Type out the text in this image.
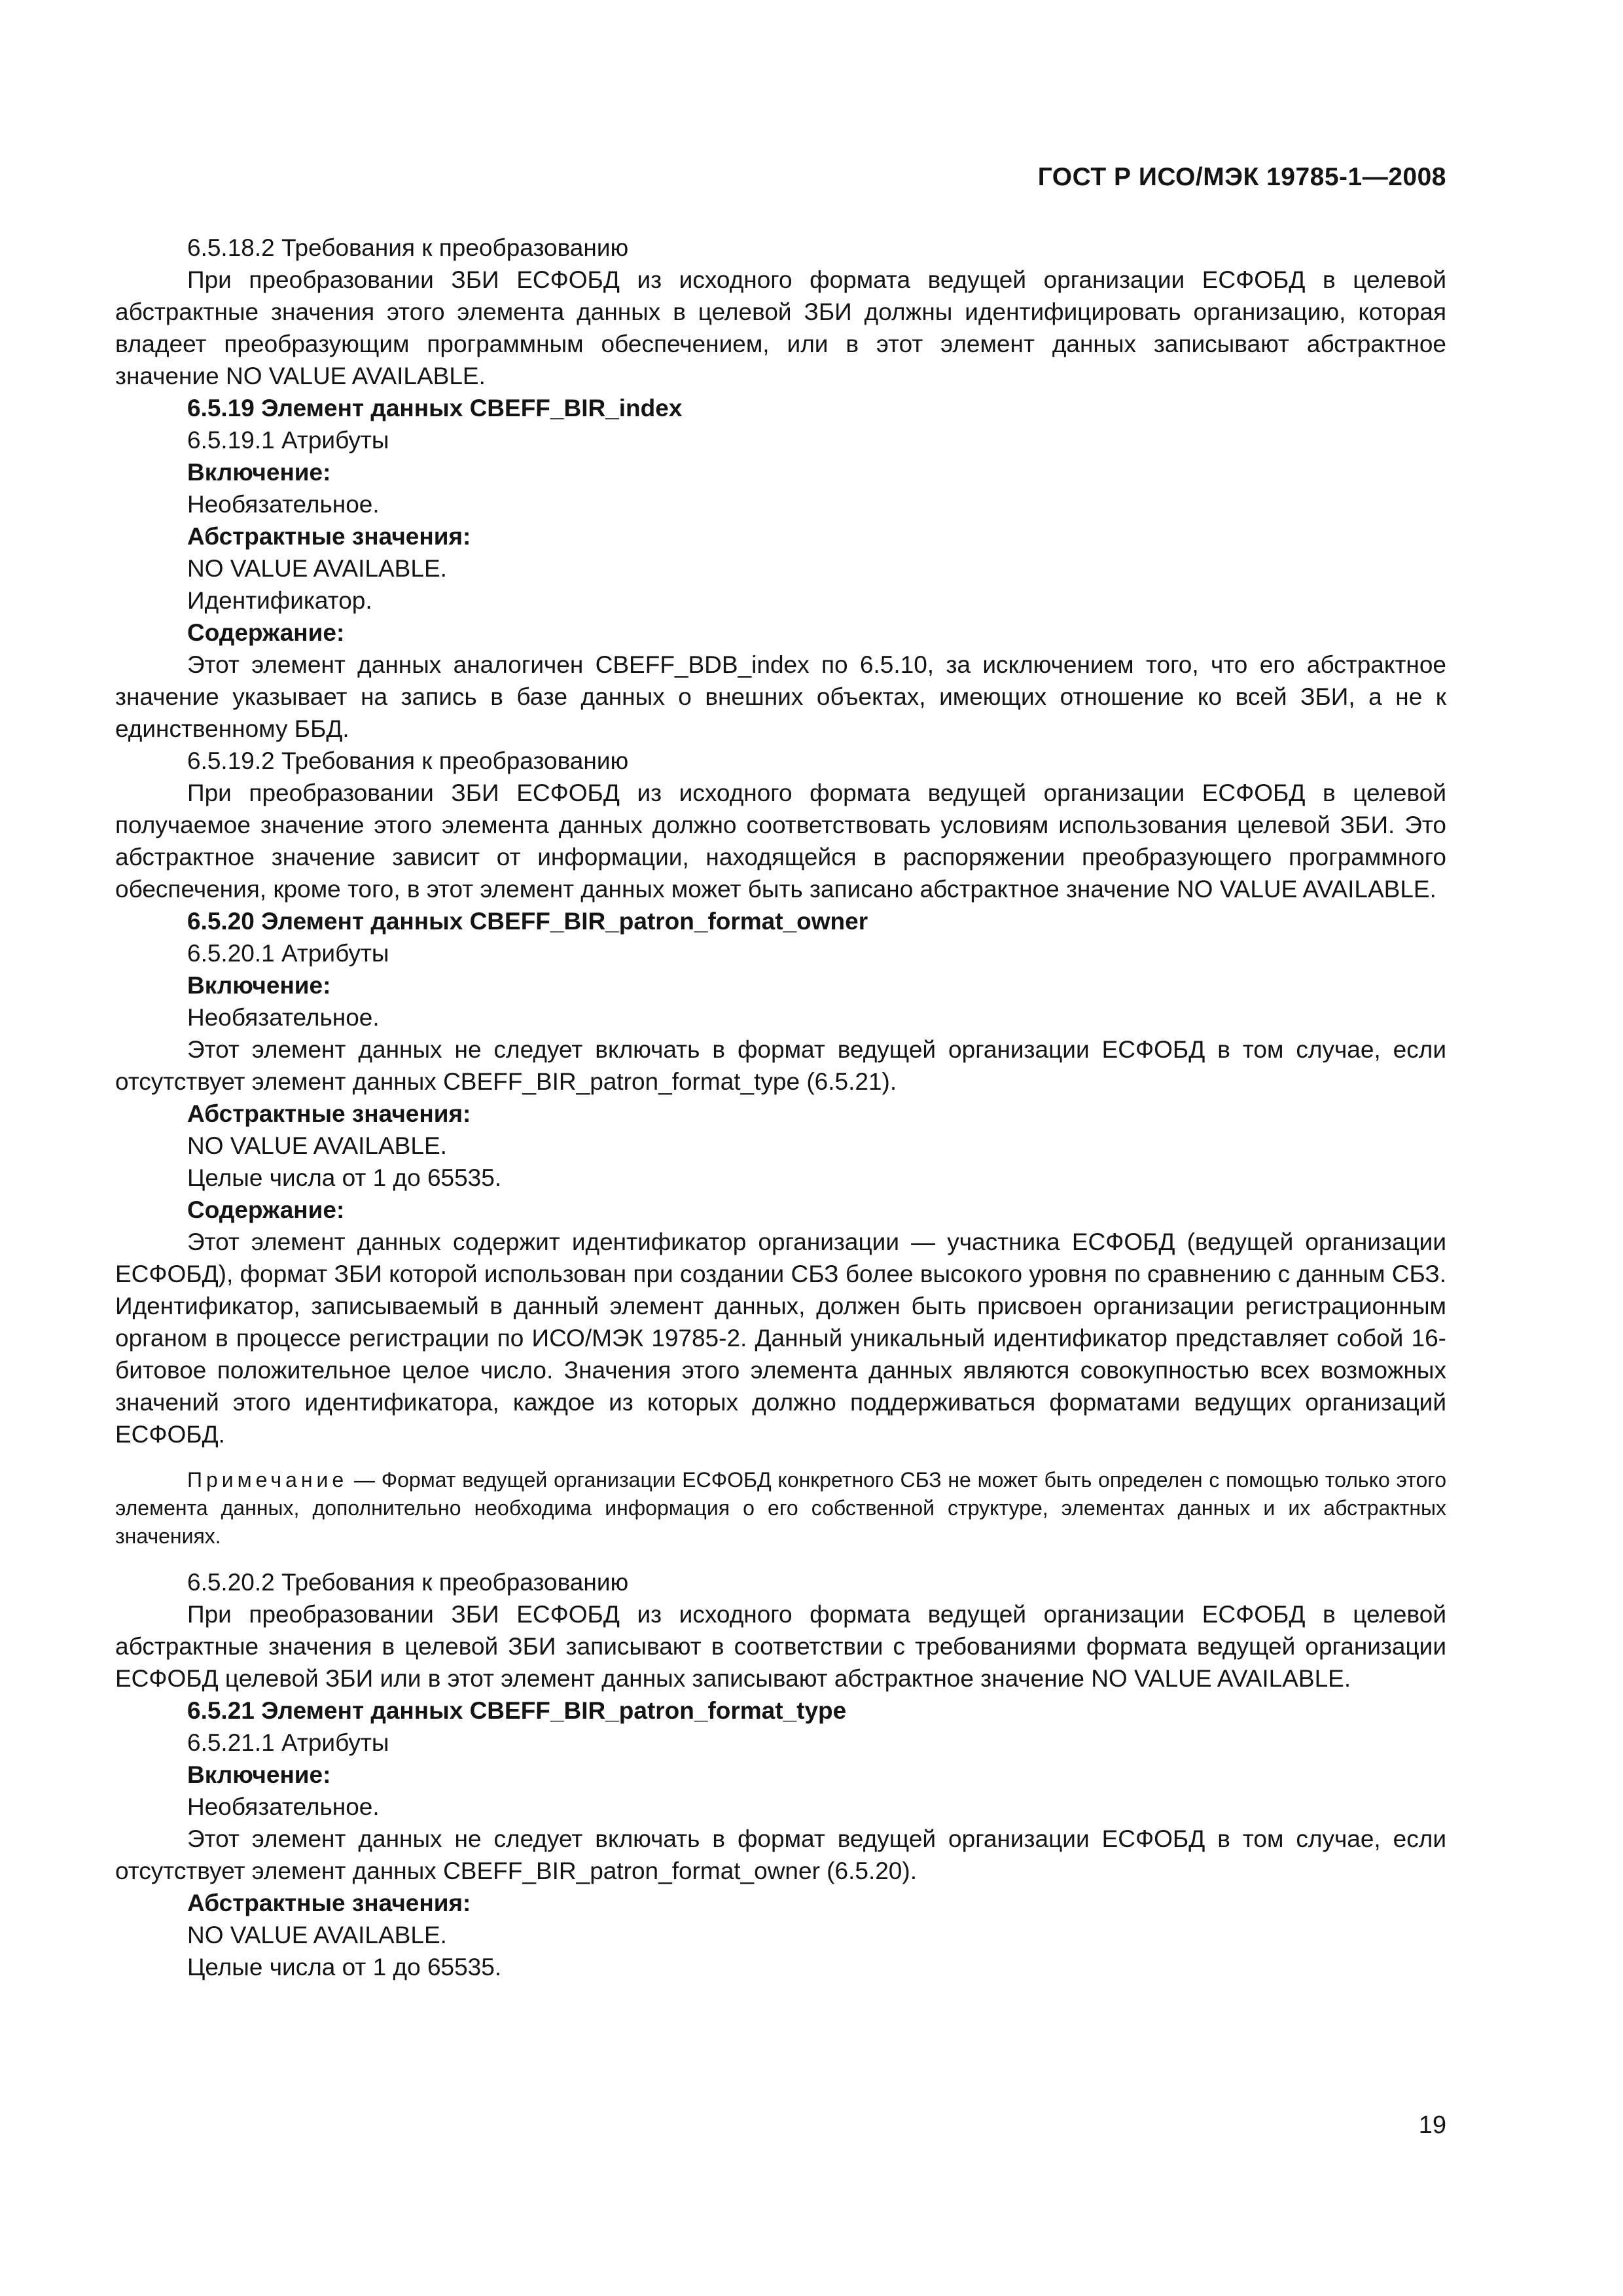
ГОСТ Р ИСО/МЭК 19785-1—2008

6.5.18.2 Требования к преобразованию

При преобразовании ЗБИ ЕСФОБД из исходного формата ведущей организации ЕСФОБД в целевой абстрактные значения этого элемента данных в целевой ЗБИ должны идентифицировать организацию, которая владеет преобразующим программным обеспечением, или в этот элемент данных записывают абстрактное значение NO VALUE AVAILABLE.

6.5.19 Элемент данных CBEFF_BIR_index

6.5.19.1 Атрибуты

Включение:

Необязательное.

Абстрактные значения:

NO VALUE AVAILABLE.

Идентификатор.

Содержание:

Этот элемент данных аналогичен CBEFF_BDB_index по 6.5.10, за исключением того, что его абстрактное значение указывает на запись в базе данных о внешних объектах, имеющих отношение ко всей ЗБИ, а не к единственному ББД.

6.5.19.2 Требования к преобразованию

При преобразовании ЗБИ ЕСФОБД из исходного формата ведущей организации ЕСФОБД в целевой получаемое значение этого элемента данных должно соответствовать условиям использования целевой ЗБИ. Это абстрактное значение зависит от информации, находящейся в распоряжении преобразующего программного обеспечения, кроме того, в этот элемент данных может быть записано абстрактное значение NO VALUE AVAILABLE.

6.5.20 Элемент данных CBEFF_BIR_patron_format_owner

6.5.20.1 Атрибуты

Включение:

Необязательное.

Этот элемент данных не следует включать в формат ведущей организации ЕСФОБД в том случае, если отсутствует элемент данных CBEFF_BIR_patron_format_type (6.5.21).

Абстрактные значения:

NO VALUE AVAILABLE.

Целые числа от 1 до 65535.

Содержание:

Этот элемент данных содержит идентификатор организации — участника ЕСФОБД (ведущей организации ЕСФОБД), формат ЗБИ которой использован при создании СБЗ более высокого уровня по сравнению с данным СБЗ. Идентификатор, записываемый в данный элемент данных, должен быть присвоен организации регистрационным органом в процессе регистрации по ИСО/МЭК 19785-2. Данный уникальный идентификатор представляет собой 16-битовое положительное целое число. Значения этого элемента данных являются совокупностью всех возможных значений этого идентификатора, каждое из которых должно поддерживаться форматами ведущих организаций ЕСФОБД.

Примечание — Формат ведущей организации ЕСФОБД конкретного СБЗ не может быть определен с помощью только этого элемента данных, дополнительно необходима информация о его собственной структуре, элементах данных и их абстрактных значениях.

6.5.20.2 Требования к преобразованию

При преобразовании ЗБИ ЕСФОБД из исходного формата ведущей организации ЕСФОБД в целевой абстрактные значения в целевой ЗБИ записывают в соответствии с требованиями формата ведущей организации ЕСФОБД целевой ЗБИ или в этот элемент данных записывают абстрактное значение NO VALUE AVAILABLE.

6.5.21 Элемент данных CBEFF_BIR_patron_format_type

6.5.21.1 Атрибуты

Включение:

Необязательное.

Этот элемент данных не следует включать в формат ведущей организации ЕСФОБД в том случае, если отсутствует элемент данных CBEFF_BIR_patron_format_owner (6.5.20).

Абстрактные значения:

NO VALUE AVAILABLE.

Целые числа от 1 до 65535.

19
